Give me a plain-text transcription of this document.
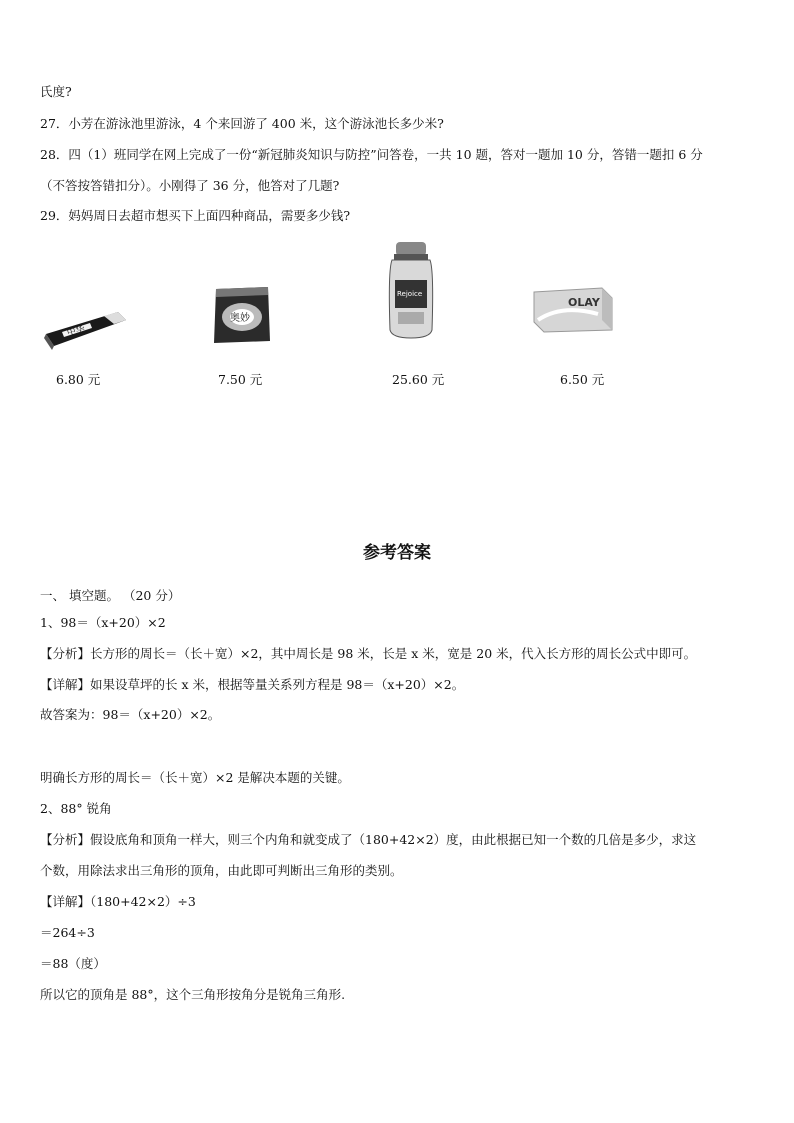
氏度?
27．小芳在游泳池里游泳，4 个来回游了 400 米，这个游泳池长多少米?
28．四（1）班同学在网上完成了一份“新冠肺炎知识与防控”问答卷，一共 10 题，答对一题加 10 分，答错一题扣 6 分
（不答按答错扣分）。小刚得了 36 分，他答对了几题?
29．妈妈周日去超市想买下上面四种商品，需要多少钱?
中华
奥妙
Rejoice
OLAY
6.80 元	7.50 元	25.60 元	6.50 元
参考答案
一、 填空题。 （20 分）
1、98＝（x+20）×2
【分析】长方形的周长＝（长＋宽）×2，其中周长是 98 米，长是 x 米，宽是 20 米，代入长方形的周长公式中即可。
【详解】如果设草坪的长 x 米，根据等量关系列方程是 98＝（x+20）×2。
故答案为：98＝（x+20）×2。
明确长方形的周长＝（长＋宽）×2 是解决本题的关键。
2、88° 锐角
【分析】假设底角和顶角一样大，则三个内角和就变成了（180+42×2）度，由此根据已知一个数的几倍是多少，求这
个数，用除法求出三角形的顶角，由此即可判断出三角形的类别。
【详解】（180+42×2）÷3
＝264÷3
＝88（度）
所以它的顶角是 88°，这个三角形按角分是锐角三角形.
